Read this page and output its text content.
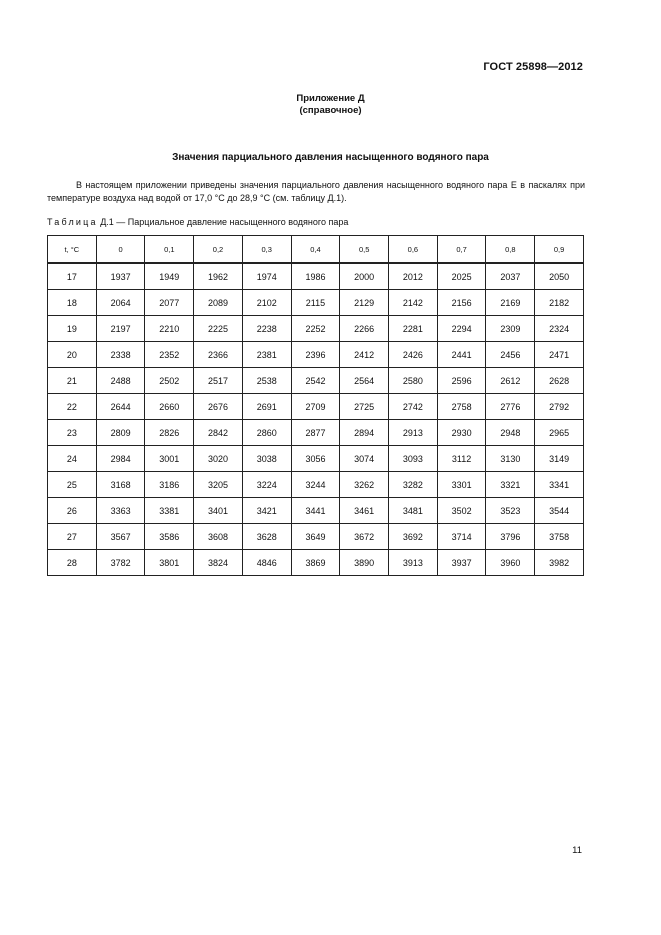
ГОСТ 25898—2012
Приложение Д
(справочное)
Значения парциального давления насыщенного водяного пара
В настоящем приложении приведены значения парциального давления насыщенного водяного пара E в паскалях при температуре воздуха над водой от 17,0 °С до 28,9 °С (см. таблицу Д.1).
Таблица Д.1 — Парциальное давление насыщенного водяного пара
t, °С	0	0,1	0,2	0,3	0,4	0,5	0,6	0,7	0,8	0,9
17	1937	1949	1962	1974	1986	2000	2012	2025	2037	2050
18	2064	2077	2089	2102	2115	2129	2142	2156	2169	2182
19	2197	2210	2225	2238	2252	2266	2281	2294	2309	2324
20	2338	2352	2366	2381	2396	2412	2426	2441	2456	2471
21	2488	2502	2517	2538	2542	2564	2580	2596	2612	2628
22	2644	2660	2676	2691	2709	2725	2742	2758	2776	2792
23	2809	2826	2842	2860	2877	2894	2913	2930	2948	2965
24	2984	3001	3020	3038	3056	3074	3093	3112	3130	3149
25	3168	3186	3205	3224	3244	3262	3282	3301	3321	3341
26	3363	3381	3401	3421	3441	3461	3481	3502	3523	3544
27	3567	3586	3608	3628	3649	3672	3692	3714	3796	3758
28	3782	3801	3824	4846	3869	3890	3913	3937	3960	3982
11
